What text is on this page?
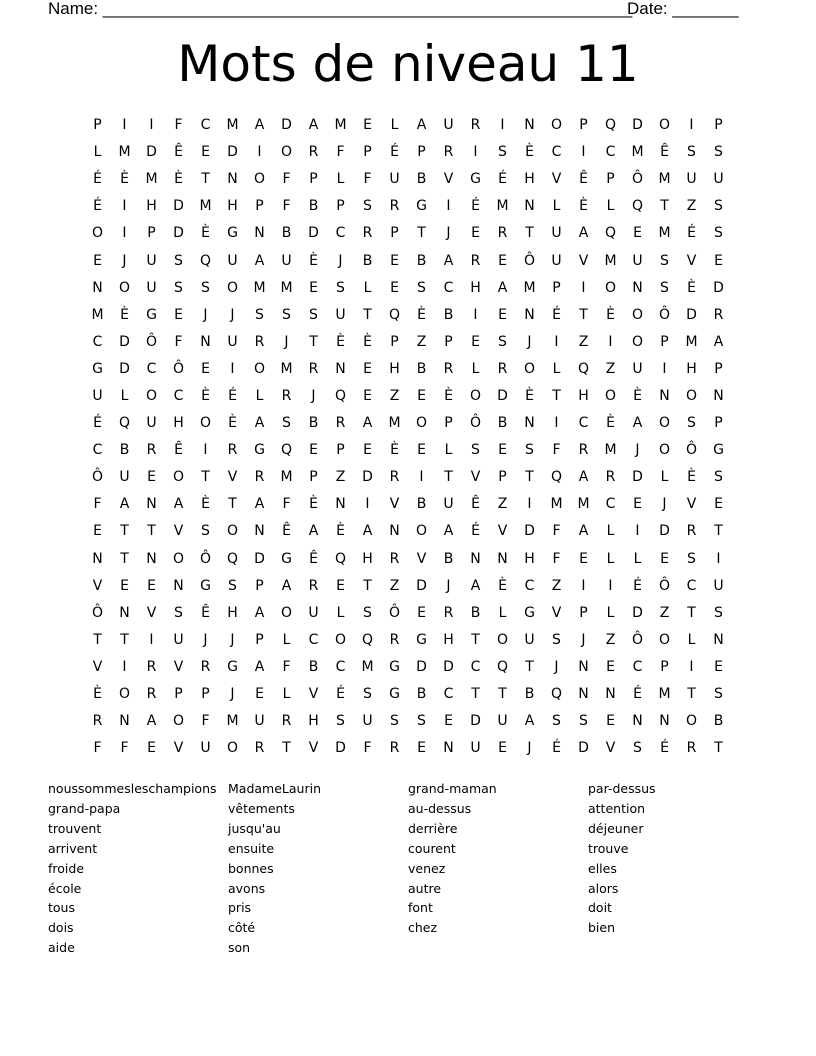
Name: ________________________________________________________
Date: _______
Mots de niveau 11
P	I	I	F	C	M	A	D	A	M	E	L	A	U	R	I	N	O	P	Q	D	O	I	P
L	M	D	Ê	E	D	I	O	R	F	P	É	P	R	I	S	È	C	I	C	M	Ê	S	S
É	È	M	È	T	N	O	F	P	L	F	U	B	V	G	É	H	V	Ê	P	Ô	M	U	U
É	I	H	D	M	H	P	F	B	P	S	R	G	I	É	M	N	L	È	L	Q	T	Z	S
O	I	P	D	È	G	N	B	D	C	R	P	T	J	E	R	T	U	A	Q	E	M	É	S
E	J	U	S	Q	U	A	U	È	J	B	E	B	A	R	E	Ô	U	V	M	U	S	V	E
N	O	U	S	S	O	M	M	E	S	L	E	S	C	H	A	M	P	I	O	N	S	È	D
M	È	G	E	J	J	S	S	S	U	T	Q	È	B	I	E	N	É	T	È	O	Ô	D	R
C	D	Ô	F	N	U	R	J	T	È	È	P	Z	P	E	S	J	I	Z	I	O	P	M	A
G	D	C	Ô	E	I	O	M	R	N	E	H	B	R	L	R	O	L	Q	Z	U	I	H	P
U	L	O	C	È	É	L	R	J	Q	E	Z	E	È	O	D	È	T	H	O	È	N	O	N
É	Q	U	H	O	È	A	S	B	R	A	M	O	P	Ô	B	N	I	C	È	A	O	S	P
C	B	R	Ê	I	R	G	Q	E	P	E	È	E	L	S	E	S	F	R	M	J	O	Ô	G
Ô	U	E	O	T	V	R	M	P	Z	D	R	I	T	V	P	T	Q	A	R	D	L	È	S
F	A	N	A	È	T	A	F	È	N	I	V	B	U	Ê	Z	I	M	M	C	E	J	V	E
E	T	T	V	S	O	N	Ê	A	È	A	N	O	A	É	V	D	F	A	L	I	D	R	T
N	T	N	O	Ô	Q	D	G	Ê	Q	H	R	V	B	N	N	H	F	E	L	L	E	S	I
V	E	E	N	G	S	P	A	R	E	T	Z	D	J	A	È	C	Z	I	I	É	Ô	C	U
Ô	N	V	S	Ê	H	A	O	U	L	S	Ô	E	R	B	L	G	V	P	L	D	Z	T	S
T	T	I	U	J	J	P	L	C	O	Q	R	G	H	T	O	U	S	J	Z	Ô	O	L	N
V	I	R	V	R	G	A	F	B	C	M	G	D	D	C	Q	T	J	N	E	C	P	I	E
È	O	R	P	P	J	E	L	V	É	S	G	B	C	T	T	B	Q	N	N	É	M	T	S
R	N	A	O	F	M	U	R	H	S	U	S	S	E	D	U	A	S	S	E	N	N	O	B
F	F	E	V	U	O	R	T	V	D	F	R	E	N	U	E	J	É	D	V	S	É	R	T
noussommesleschampions
grand-papa
trouvent
arrivent
froide
école
tous
dois
aide
MadameLaurin
vêtements
jusqu'au
ensuite
bonnes
avons
pris
côté
son
grand-maman
au-dessus
derrière
courent
venez
autre
font
chez
par-dessus
attention
déjeuner
trouve
elles
alors
doit
bien
